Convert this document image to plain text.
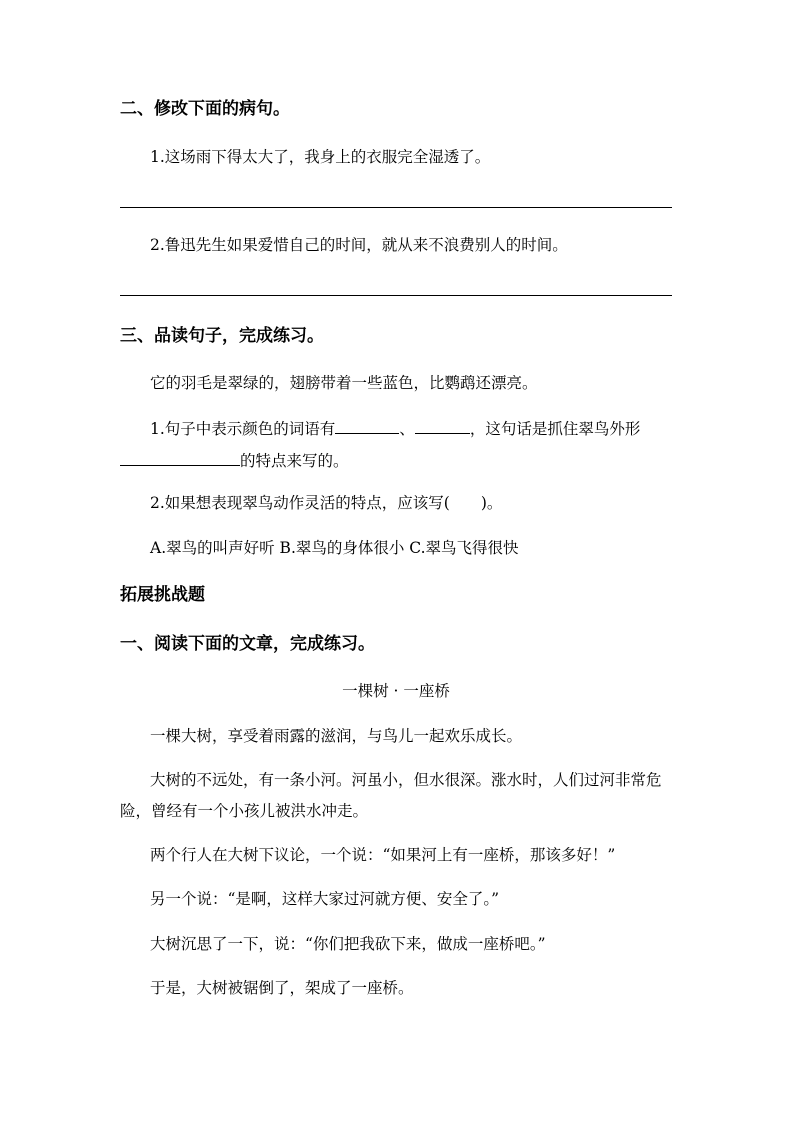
二、修改下面的病句。
1.这场雨下得太大了，我身上的衣服完全湿透了。
2.鲁迅先生如果爱惜自己的时间，就从来不浪费别人的时间。
三、品读句子，完成练习。
它的羽毛是翠绿的，翅膀带着一些蓝色，比鹦鹉还漂亮。
1.句子中表示颜色的词语有	、	，这句话是抓住翠鸟外形
的特点来写的。
2.如果想表现翠鸟动作灵活的特点，应该写(　　)。
A.翠鸟的叫声好听 B.翠鸟的身体很小 C.翠鸟飞得很快
拓展挑战题
一、阅读下面的文章，完成练习。
一棵树 · 一座桥
一棵大树，享受着雨露的滋润，与鸟儿一起欢乐成长。
大树的不远处，有一条小河。河虽小，但水很深。涨水时，人们过河非常危
险，曾经有一个小孩儿被洪水冲走。
两个行人在大树下议论，一个说：“如果河上有一座桥，那该多好！”
另一个说：“是啊，这样大家过河就方便、安全了。”
大树沉思了一下，说：“你们把我砍下来，做成一座桥吧。”
于是，大树被锯倒了，架成了一座桥。
